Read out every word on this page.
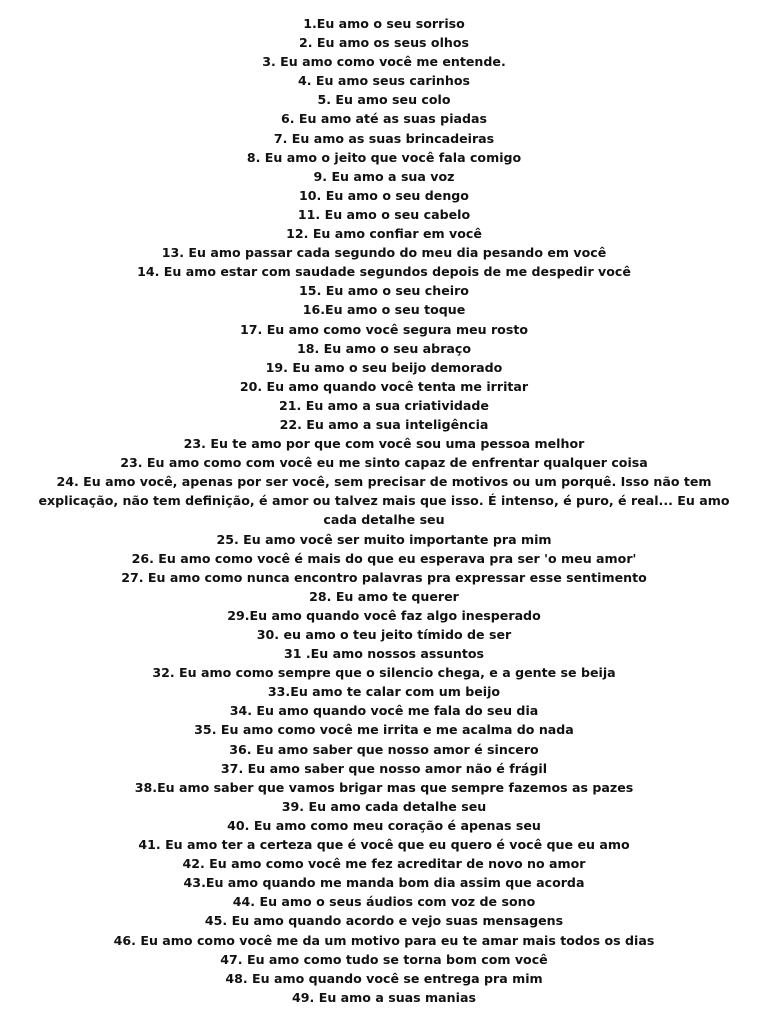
1.Eu amo o seu sorriso
2. Eu amo os seus olhos
3. Eu amo como você me entende.
4. Eu amo seus carinhos
5. Eu amo seu colo
6. Eu amo até as suas piadas
7. Eu amo as suas brincadeiras
8. Eu amo o jeito que você fala comigo
9. Eu amo a sua voz
10. Eu amo o seu dengo
11. Eu amo o seu cabelo
12. Eu amo confiar em você
13. Eu amo passar cada segundo do meu dia pesando em você
14. Eu amo estar com saudade segundos depois de me despedir você
15. Eu amo o seu cheiro
16.Eu amo o seu toque
17. Eu amo como você segura meu rosto
18. Eu amo o seu abraço
19. Eu amo o seu beijo demorado
20. Eu amo quando você tenta me irritar
21. Eu amo a sua criatividade
22. Eu amo a sua inteligência
23. Eu te amo por que com você sou uma pessoa melhor
23. Eu amo como com você eu me sinto capaz de enfrentar qualquer coisa
24. Eu amo você, apenas por ser você, sem precisar de motivos ou um porquê. Isso não tem explicação, não tem definição, é amor ou talvez mais que isso. É intenso, é puro, é real... Eu amo cada detalhe seu
25. Eu amo você ser muito importante pra mim
26. Eu amo como você é mais do que eu esperava pra ser 'o meu amor'
27. Eu amo como nunca encontro palavras pra expressar esse sentimento
28. Eu amo te querer
29.Eu amo quando você faz algo inesperado
30. eu amo o teu jeito tímido de ser
31 .Eu amo nossos assuntos
32. Eu amo como sempre que o silencio chega, e a gente se beija
33.Eu amo te calar com um beijo
34. Eu amo quando você me fala do seu dia
35. Eu amo como você me irrita e me acalma do nada
36. Eu amo saber que nosso amor é sincero
37. Eu amo saber que nosso amor não é frágil
38.Eu amo saber que vamos brigar mas que sempre fazemos as pazes
39. Eu amo cada detalhe seu
40. Eu amo como meu coração é apenas seu
41. Eu amo ter a certeza que é você que eu quero é você que eu amo
42. Eu amo como você me fez acreditar de novo no amor
43.Eu amo quando me manda bom dia assim que acorda
44. Eu amo o seus áudios com voz de sono
45. Eu amo quando acordo e vejo suas mensagens
46. Eu amo como você me da um motivo para eu te amar mais todos os dias
47. Eu amo como tudo se torna bom com você
48. Eu amo quando você se entrega pra mim
49. Eu amo a suas manias
